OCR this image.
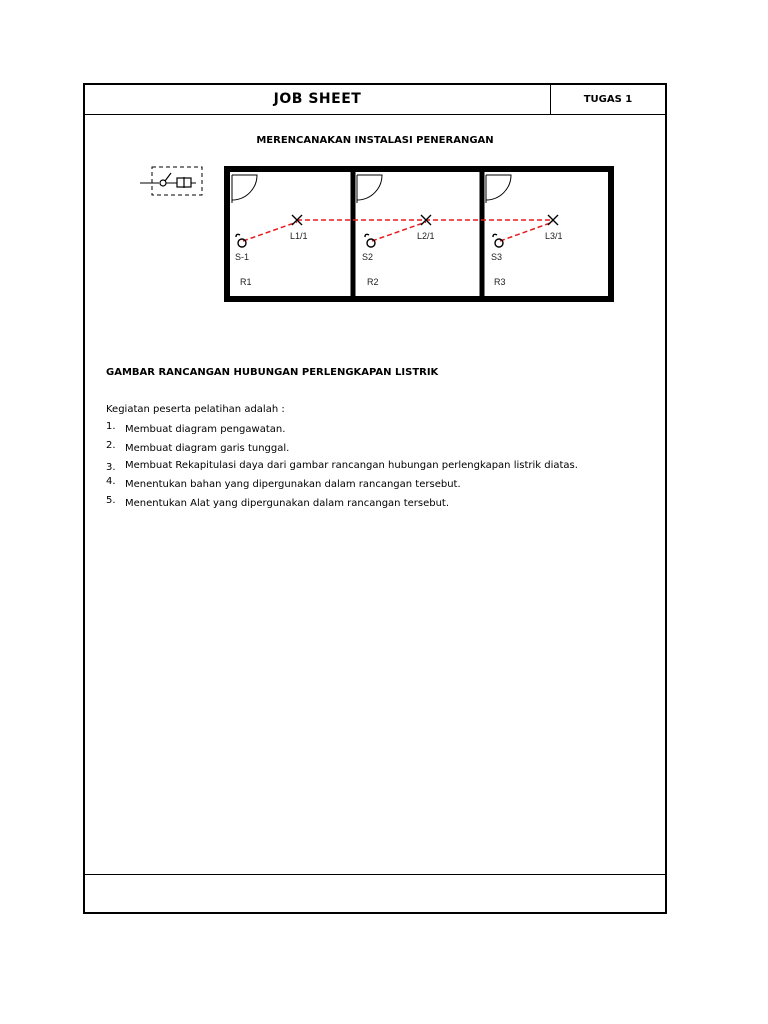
JOB SHEET	TUGAS 1
MERENCANAKAN INSTALASI PENERANGAN
L1/1	L2/1	L3/1
S-1	S2	S3
R1	R2	R3
GAMBAR RANCANGAN HUBUNGAN PERLENGKAPAN LISTRIK
Kegiatan peserta pelatihan adalah :
1. Membuat diagram pengawatan.
2. Membuat diagram garis tunggal.
3. Membuat Rekapitulasi daya dari gambar rancangan hubungan perlengkapan listrik diatas.
4. Menentukan bahan yang dipergunakan dalam rancangan tersebut.
5. Menentukan Alat yang dipergunakan dalam rancangan tersebut.
